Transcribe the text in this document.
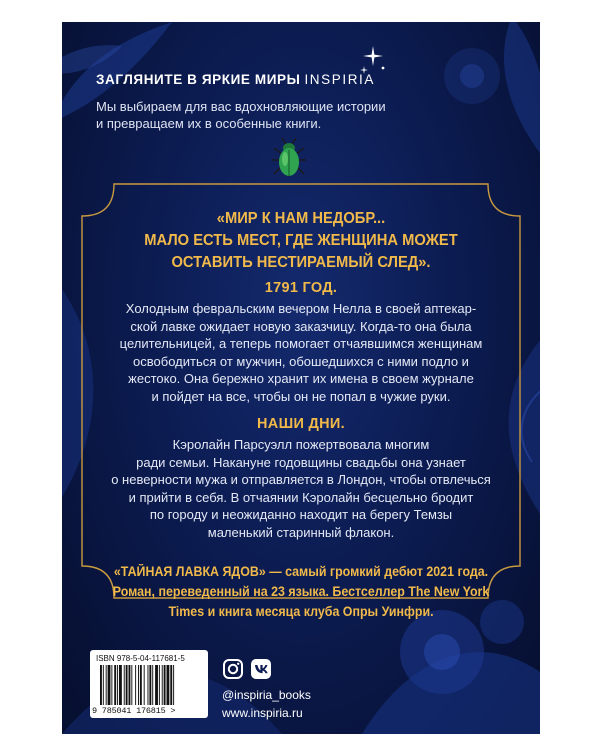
ЗАГЛЯНИТЕ В ЯРКИЕ МИРЫ INSPIRIA
Мы выбираем для вас вдохновляющие истории
и превращаем их в особенные книги.
«МИР К НАМ НЕДОБР...
МАЛО ЕСТЬ МЕСТ, ГДЕ ЖЕНЩИНА МОЖЕТ
ОСТАВИТЬ НЕСТИРАЕМЫЙ СЛЕД».
1791 ГОД.
Холодным февральским вечером Нелла в своей аптекар-
ской лавке ожидает новую заказчицу. Когда-то она была
целительницей, а теперь помогает отчаявшимся женщинам
освободиться от мужчин, обошедшихся с ними подло и
жестоко. Она бережно хранит их имена в своем журнале
и пойдет на все, чтобы он не попал в чужие руки.
НАШИ ДНИ.
Кэролайн Парсуэлл пожертвовала многим
ради семьи. Накануне годовщины свадьбы она узнает
о неверности мужа и отправляется в Лондон, чтобы отвлечься
и прийти в себя. В отчаянии Кэролайн бесцельно бродит
по городу и неожиданно находит на берегу Темзы
маленький старинный флакон.
«ТАЙНАЯ ЛАВКА ЯДОВ» — самый громкий дебют 2021 года.
Роман, переведенный на 23 языка. Бестселлер The New York
Times и книга месяца клуба Опры Уинфри.
ISBN 978-5-04-117681-5
9 785041 176815 >
@inspiria_books
www.inspiria.ru
